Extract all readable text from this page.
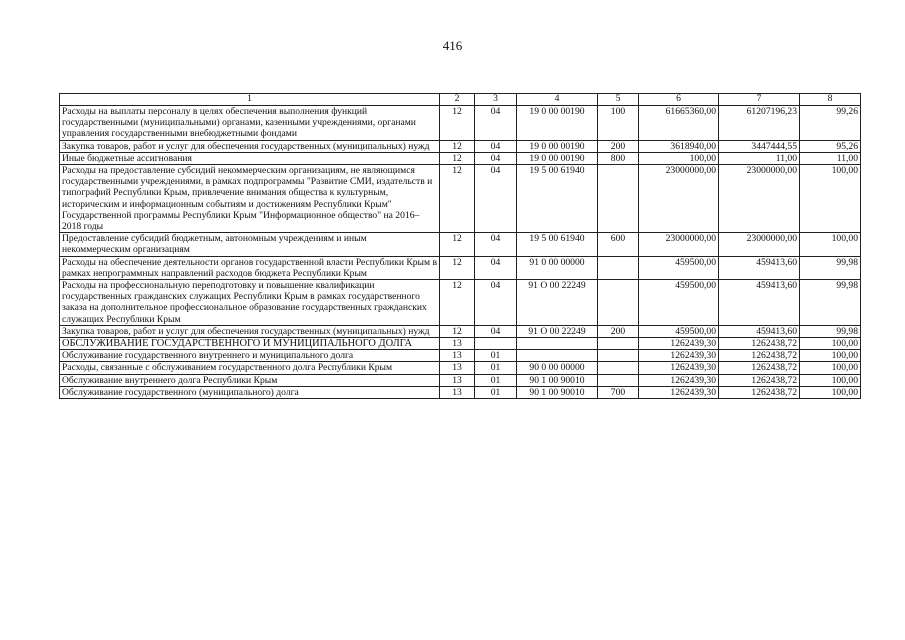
416
1	2	3	4	5	6	7	8
Расходы на выплаты персоналу в целях обеспечения выполнения функций государственными (муниципальными) органами, казенными учреждениями, органами управления государственными внебюджетными фондами	12	04	19 0 00 00190	100	61665360,00	61207196,23	99,26
Закупка товаров, работ и услуг для обеспечения государственных (муниципальных) нужд	12	04	19 0 00 00190	200	3618940,00	3447444,55	95,26
Иные бюджетные ассигнования	12	04	19 0 00 00190	800	100,00	11,00	11,00
Расходы на предоставление субсидий некоммерческим организациям, не являющимся государственными учреждениями, в рамках подпрограммы "Развитие СМИ, издательств и типографий Республики Крым, привлечение внимания общества к культурным, историческим и информационным событиям и достижениям Республики Крым" Государственной программы Республики Крым "Информационное общество" на 2016–2018 годы	12	04	19 5 00 61940		23000000,00	23000000,00	100,00
Предоставление субсидий бюджетным, автономным учреждениям и иным некоммерческим организациям	12	04	19 5 00 61940	600	23000000,00	23000000,00	100,00
Расходы на обеспечение деятельности органов государственной власти Республики Крым в рамках непрограммных направлений расходов бюджета Республики Крым	12	04	91 0 00 00000		459500,00	459413,60	99,98
Расходы на профессиональную переподготовку и повышение квалификации государственных гражданских служащих Республики Крым в рамках государственного заказа на дополнительное профессиональное образование государственных гражданских служащих Республики Крым	12	04	91 О 00 22249		459500,00	459413,60	99,98
Закупка товаров, работ и услуг для обеспечения государственных (муниципальных) нужд	12	04	91 О 00 22249	200	459500,00	459413,60	99,98
ОБСЛУЖИВАНИЕ ГОСУДАРСТВЕННОГО И МУНИЦИПАЛЬНОГО ДОЛГА	13				1262439,30	1262438,72	100,00
Обслуживание государственного внутреннего и муниципального долга	13	01			1262439,30	1262438,72	100,00
Расходы, связанные с обслуживанием государственного долга Республики Крым	13	01	90 0 00 00000		1262439,30	1262438,72	100,00
Обслуживание внутреннего долга Республики Крым	13	01	90 1 00 90010		1262439,30	1262438,72	100,00
Обслуживание государственного (муниципального) долга	13	01	90 1 00 90010	700	1262439,30	1262438,72	100,00
